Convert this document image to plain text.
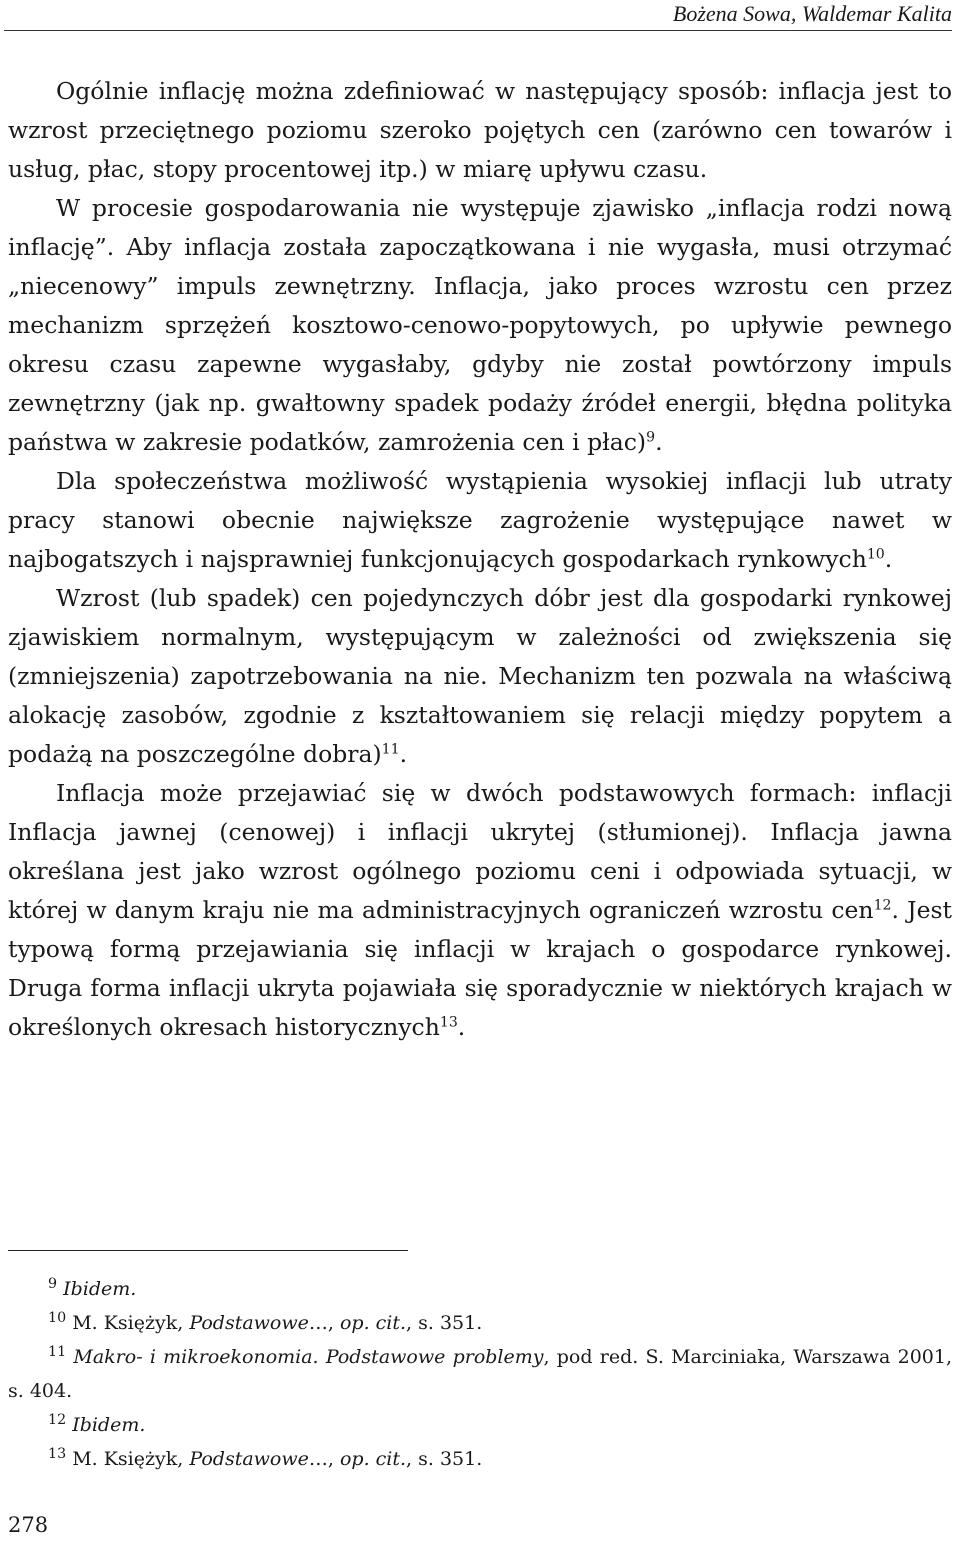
Bożena Sowa, Waldemar Kalita

Ogólnie inflację można zdefiniować w następujący sposób: inflacja jest to wzrost przeciętnego poziomu szeroko pojętych cen (zarówno cen towarów i usług, płac, stopy procentowej itp.) w miarę upływu czasu.

W procesie gospodarowania nie występuje zjawisko „inflacja rodzi nową inflację”. Aby inflacja została zapoczątkowana i nie wygasła, musi otrzymać „niecenowy” impuls zewnętrzny. Inflacja, jako proces wzrostu cen przez mechanizm sprzężeń kosztowo-cenowo-popytowych, po upływie pewnego okresu czasu zapewne wygasłaby, gdyby nie został powtórzony impuls zewnętrzny (jak np. gwałtowny spadek podaży źródeł energii, błędna polityka państwa w zakresie podatków, zamrożenia cen i płac)$^9$.

Dla społeczeństwa możliwość wystąpienia wysokiej inflacji lub utraty pracy stanowi obecnie największe zagrożenie występujące nawet w najbogatszych i najsprawniej funkcjonujących gospodarkach rynkowych$^{10}$.

Wzrost (lub spadek) cen pojedynczych dóbr jest dla gospodarki rynkowej zjawiskiem normalnym, występującym w zależności od zwiększenia się (zmniejszenia) zapotrzebowania na nie. Mechanizm ten pozwala na właściwą alokację zasobów, zgodnie z kształtowaniem się relacji między popytem a podażą na poszczególne dobra)$^{11}$.

Inflacja może przejawiać się w dwóch podstawowych formach: inflacji Inflacja jawnej (cenowej) i inflacji ukrytej (stłumionej). Inflacja jawna określana jest jako wzrost ogólnego poziomu ceni i odpowiada sytuacji, w której w danym kraju nie ma administracyjnych ograniczeń wzrostu cen$^{12}$. Jest typową formą przejawiania się inflacji w krajach o gospodarce rynkowej. Druga forma inflacji ukryta pojawiała się sporadycznie w niektórych krajach w określonych okresach historycznych$^{13}$.

$^9$ Ibidem.

$^{10}$ M. Księżyk, Podstawowe…, op. cit., s. 351.

$^{11}$ Makro- i mikroekonomia. Podstawowe problemy, pod red. S. Marciniaka, Warszawa 2001, s. 404.

$^{12}$ Ibidem.

$^{13}$ M. Księżyk, Podstawowe…, op. cit., s. 351.

278
